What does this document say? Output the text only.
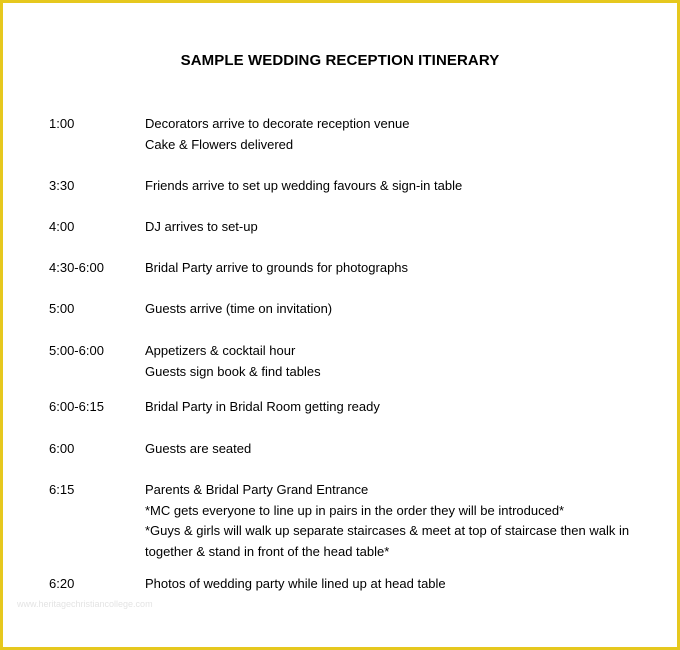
SAMPLE WEDDING RECEPTION ITINERARY
1:00	Decorators arrive to decorate reception venue
Cake & Flowers delivered
3:30	Friends arrive to set up wedding favours & sign-in table
4:00	DJ arrives to set-up
4:30-6:00	Bridal Party arrive to grounds for photographs
5:00	Guests arrive (time on invitation)
5:00-6:00	Appetizers & cocktail hour
Guests sign book & find tables
6:00-6:15	Bridal Party in Bridal Room getting ready
6:00	Guests are seated
6:15	Parents & Bridal Party Grand Entrance
*MC gets everyone to line up in pairs in the order they will be introduced*
*Guys & girls will walk up separate staircases & meet at top of staircase then walk in
together & stand in front of the head table*
6:20	Photos of wedding party while lined up at head table
www.heritagechristiancollege.com
